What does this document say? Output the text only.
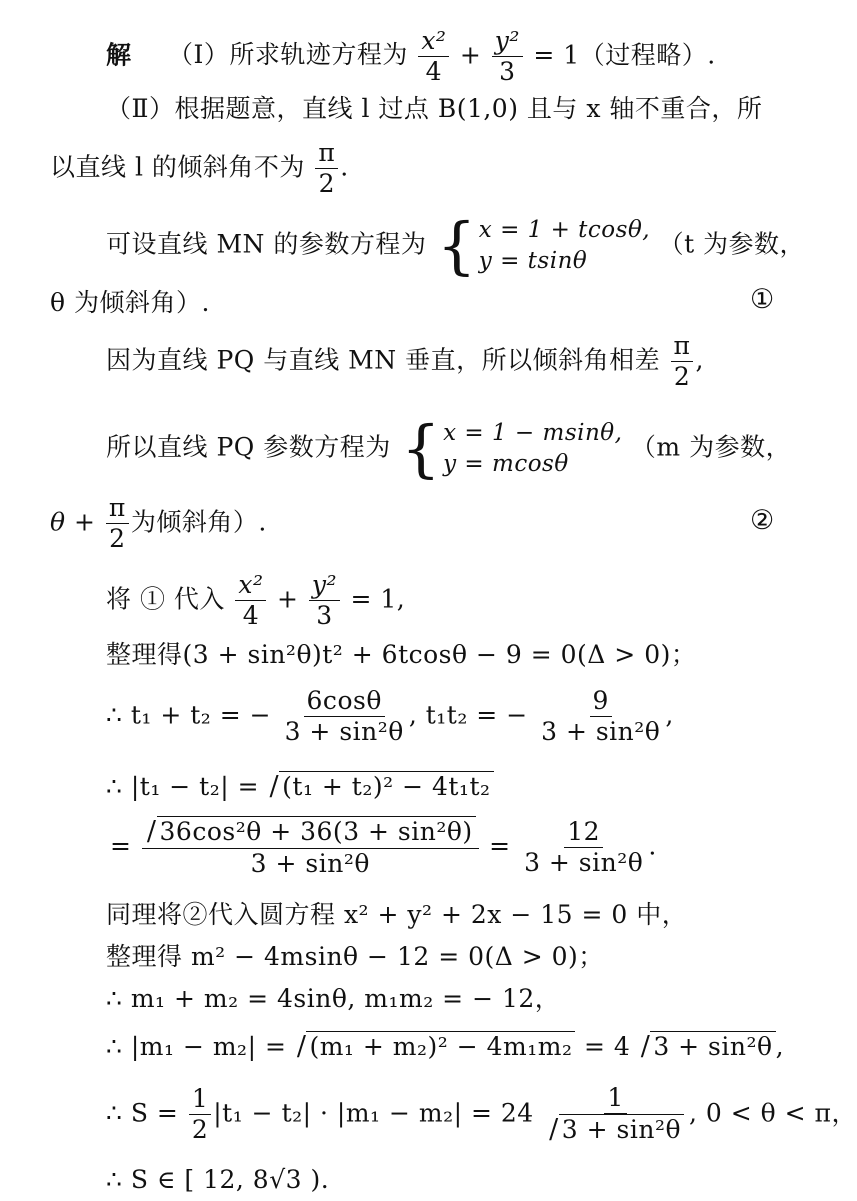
解 （Ⅰ）所求轨迹方程为 $\frac{\text{x²}}{4} + \frac{\text{y²}}{3} = 1$（过程略）.
（Ⅱ）根据题意，直线 l 过点 B(1,0) 且与 x 轴不重合，所
以直线 l 的倾斜角不为 $\frac{\pi}{2}$ .
可设直线 MN 的参数方程为 { x = 1 + tcosθ,
y = tsinθ
（t 为参数，
θ 为倾斜角）.	①
因为直线 PQ 与直线 MN 垂直，所以倾斜角相差 $\frac{\pi}{2}$ ,
所以直线 PQ 参数方程为 { x = 1 − msinθ,
y = mcosθ
（m 为参数，
$\theta + \frac{\pi}{2}$ 为倾斜角）.	②
将 ① 代入 $\frac{\text{x²}}{4} + \frac{\text{y²}}{3} = 1$,
整理得(3 + sin²θ)t² + 6tcosθ − 9 = 0(Δ > 0)；
∴ t₁ + t₂ = − $\frac{6\cos\theta}{\text{3 + sin²θ}}$ , t₁t₂ = − $\frac{9}{\text{3 + sin²θ}}$ ,
∴ |t₁ − t₂| = / (t₁ + t₂)² − 4t₁t₂
= $\frac{\text{/ 36cos²θ + 36(3 + sin²θ)}}{\text{3 + sin²θ}} = \frac{12}{\text{3 + sin²θ}}$ .
同理将②代入圆方程 x² + y² + 2x − 15 = 0 中，
整理得 m² − 4msinθ − 12 = 0(Δ > 0)；
∴ m₁ + m₂ = 4sinθ, m₁m₂ = − 12，
∴ |m₁ − m₂| = / (m₁ + m₂)² − 4m₁m₂ = 4 / 3 + sin²θ ,
∴ $S = \frac{1}{2} |t_1 - t_2| \cdot |m_1 - m_2| = 24 \frac{1}{\text{/ 3 + sin²θ}}$ , 0 < θ < π，
∴ S ∈ [ 12, 8√3 ).
